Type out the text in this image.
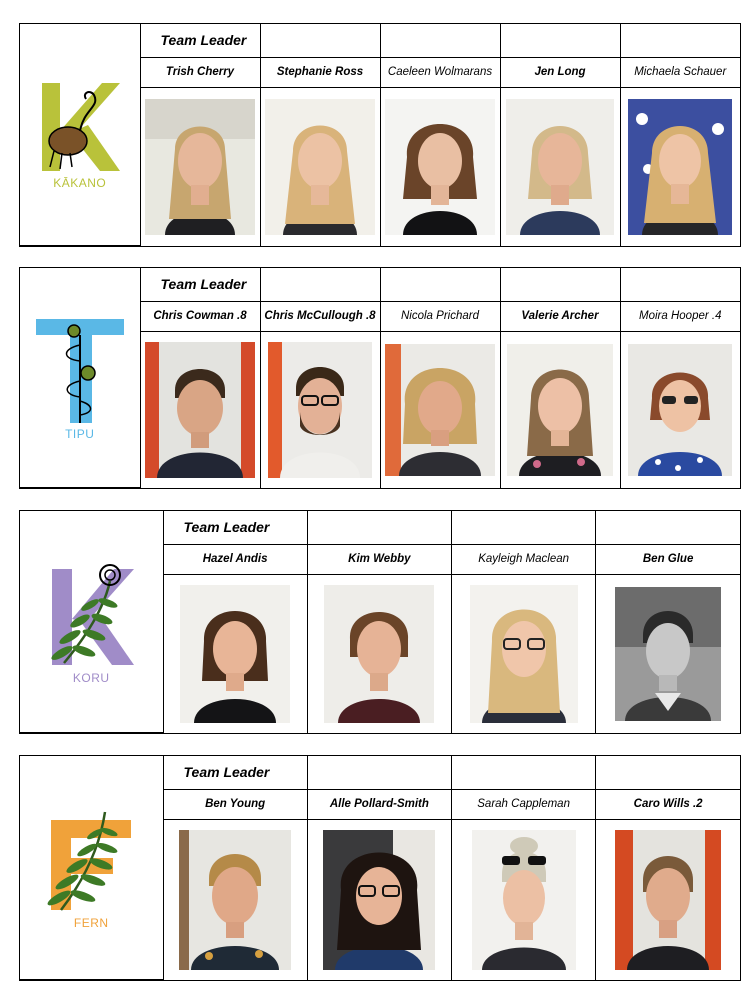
KĀKANO	Team Leader				
	Trish Cherry	Stephanie Ross	Caeleen Wolmarans	Jen Long	Michaela Schauer

TIPU	Team Leader				
	Chris Cowman .8	Chris McCullough .8	Nicola Prichard	Valerie Archer	Moira Hooper .4

KORU	Team Leader			
	Hazel Andis	Kim Webby	Kayleigh Maclean	Ben Glue

FERN	Team Leader			
	Ben Young	Alle Pollard-Smith	Sarah Cappleman	Caro Wills .2
